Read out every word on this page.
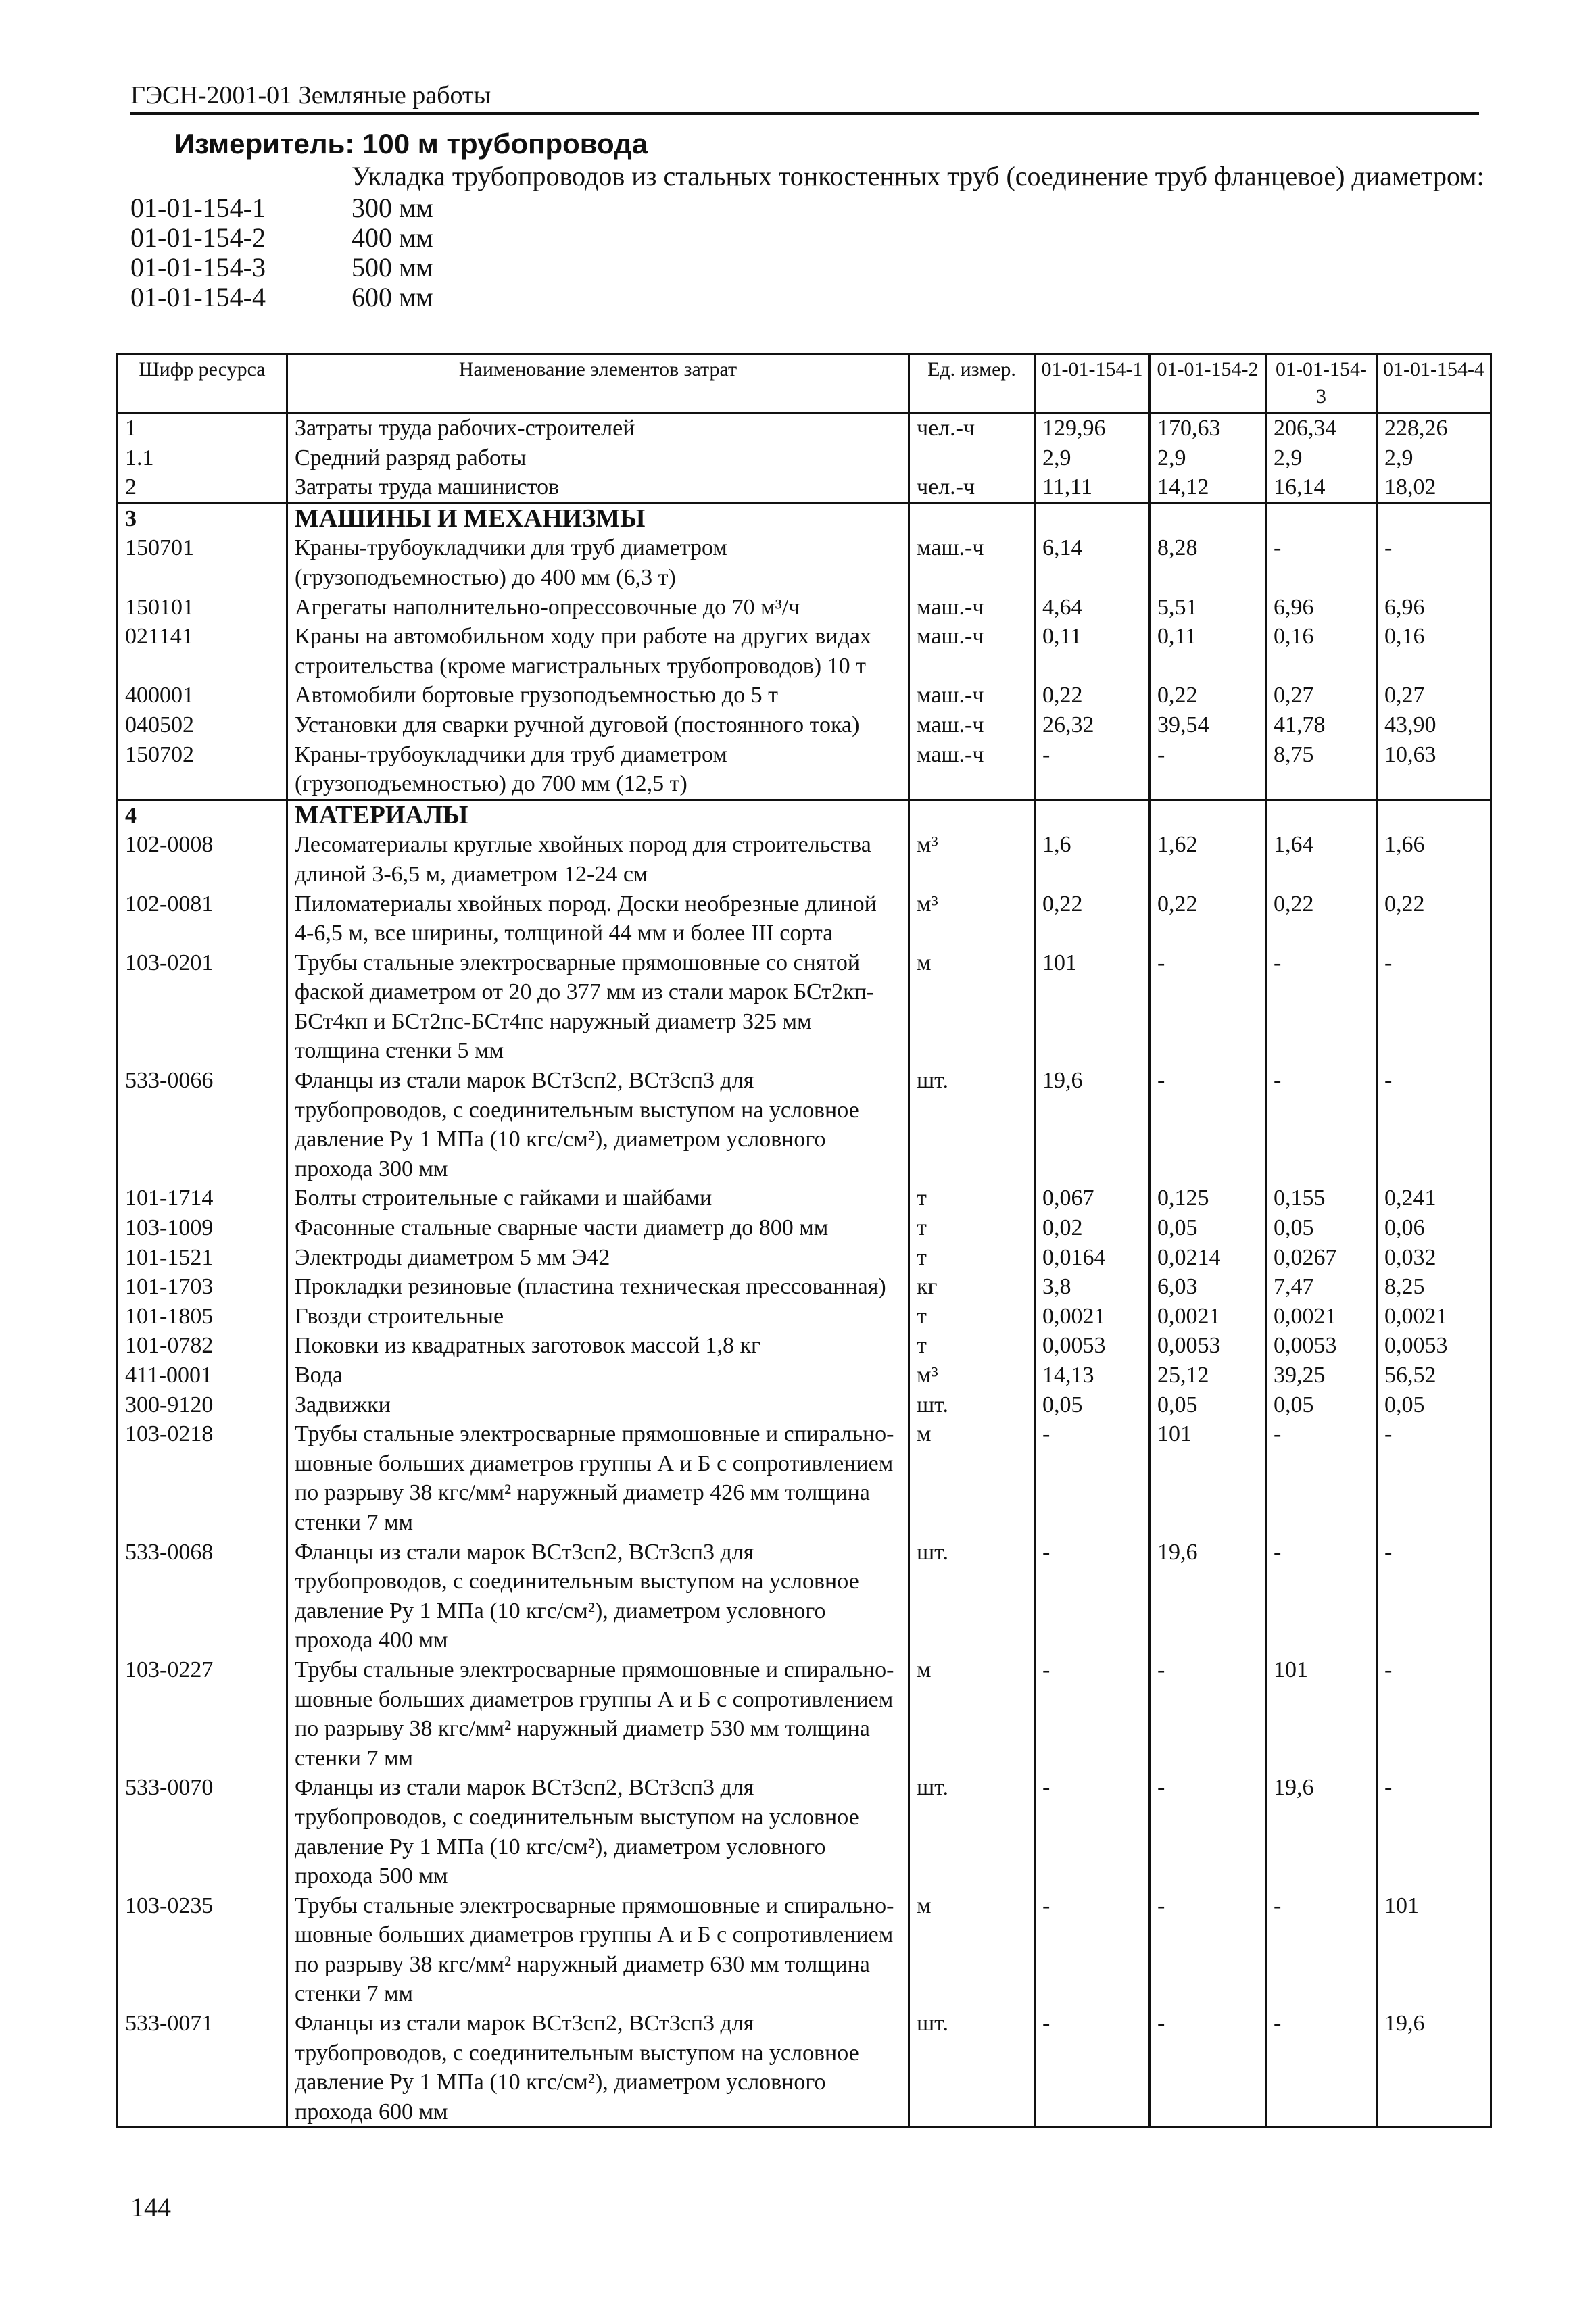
ГЭСН-2001-01 Земляные работы
Измеритель: 100 м трубопровода
Укладка трубопроводов из стальных тонкостенных труб (соединение труб фланцевое) диаметром:
01-01-154-1	300 мм
01-01-154-2	400 мм
01-01-154-3	500 мм
01-01-154-4	600 мм
Шифр ресурса	Наименование элементов затрат	Ед. измер.	01-01-154-1	01-01-154-2	01-01-154-3	01-01-154-4
1	Затраты труда рабочих-строителей	чел.-ч	129,96	170,63	206,34	228,26
1.1	Средний разряд работы		2,9	2,9	2,9	2,9
2	Затраты труда машинистов	чел.-ч	11,11	14,12	16,14	18,02
3	МАШИНЫ И МЕХАНИЗМЫ					
150701	Краны-трубоукладчики для труб диаметром (грузоподъемностью) до 400 мм (6,3 т)	маш.-ч	6,14	8,28	-	-
150101	Агрегаты наполнительно-опрессовочные до 70 м³/ч	маш.-ч	4,64	5,51	6,96	6,96
021141	Краны на автомобильном ходу при работе на других видах строительства (кроме магистральных трубопроводов) 10 т	маш.-ч	0,11	0,11	0,16	0,16
400001	Автомобили бортовые грузоподъемностью до 5 т	маш.-ч	0,22	0,22	0,27	0,27
040502	Установки для сварки ручной дуговой (постоянного тока)	маш.-ч	26,32	39,54	41,78	43,90
150702	Краны-трубоукладчики для труб диаметром (грузоподъемностью) до 700 мм (12,5 т)	маш.-ч	-	-	8,75	10,63
4	МАТЕРИАЛЫ					
102-0008	Лесоматериалы круглые хвойных пород для строительства длиной 3-6,5 м, диаметром 12-24 см	м³	1,6	1,62	1,64	1,66
102-0081	Пиломатериалы хвойных пород. Доски необрезные длиной 4-6,5 м, все ширины, толщиной 44 мм и более III сорта	м³	0,22	0,22	0,22	0,22
103-0201	Трубы стальные электросварные прямошовные со снятой фаской диаметром от 20 до 377 мм из стали марок БСт2кп-БСт4кп и БСт2пс-БСт4пс наружный диаметр 325 мм толщина стенки 5 мм	м	101	-	-	-
533-0066	Фланцы из стали марок ВСт3сп2, ВСт3сп3 для трубопроводов, с соединительным выступом на условное давление Ру 1 МПа (10 кгс/см²), диаметром условного прохода 300 мм	шт.	19,6	-	-	-
101-1714	Болты строительные с гайками и шайбами	т	0,067	0,125	0,155	0,241
103-1009	Фасонные стальные сварные части диаметр до 800 мм	т	0,02	0,05	0,05	0,06
101-1521	Электроды диаметром 5 мм Э42	т	0,0164	0,0214	0,0267	0,032
101-1703	Прокладки резиновые (пластина техническая прессованная)	кг	3,8	6,03	7,47	8,25
101-1805	Гвозди строительные	т	0,0021	0,0021	0,0021	0,0021
101-0782	Поковки из квадратных заготовок массой 1,8 кг	т	0,0053	0,0053	0,0053	0,0053
411-0001	Вода	м³	14,13	25,12	39,25	56,52
300-9120	Задвижки	шт.	0,05	0,05	0,05	0,05
103-0218	Трубы стальные электросварные прямошовные и спирально-шовные больших диаметров группы А и Б с сопротивлением по разрыву 38 кгс/мм² наружный диаметр 426 мм толщина стенки 7 мм	м	-	101	-	-
533-0068	Фланцы из стали марок ВСт3сп2, ВСт3сп3 для трубопроводов, с соединительным выступом на условное давление Ру 1 МПа (10 кгс/см²), диаметром условного прохода 400 мм	шт.	-	19,6	-	-
103-0227	Трубы стальные электросварные прямошовные и спирально-шовные больших диаметров группы А и Б с сопротивлением по разрыву 38 кгс/мм² наружный диаметр 530 мм толщина стенки 7 мм	м	-	-	101	-
533-0070	Фланцы из стали марок ВСт3сп2, ВСт3сп3 для трубопроводов, с соединительным выступом на условное давление Ру 1 МПа (10 кгс/см²), диаметром условного прохода 500 мм	шт.	-	-	19,6	-
103-0235	Трубы стальные электросварные прямошовные и спирально-шовные больших диаметров группы А и Б с сопротивлением по разрыву 38 кгс/мм² наружный диаметр 630 мм толщина стенки 7 мм	м	-	-	-	101
533-0071	Фланцы из стали марок ВСт3сп2, ВСт3сп3 для трубопроводов, с соединительным выступом на условное давление Ру 1 МПа (10 кгс/см²), диаметром условного прохода 600 мм	шт.	-	-	-	19,6
144
